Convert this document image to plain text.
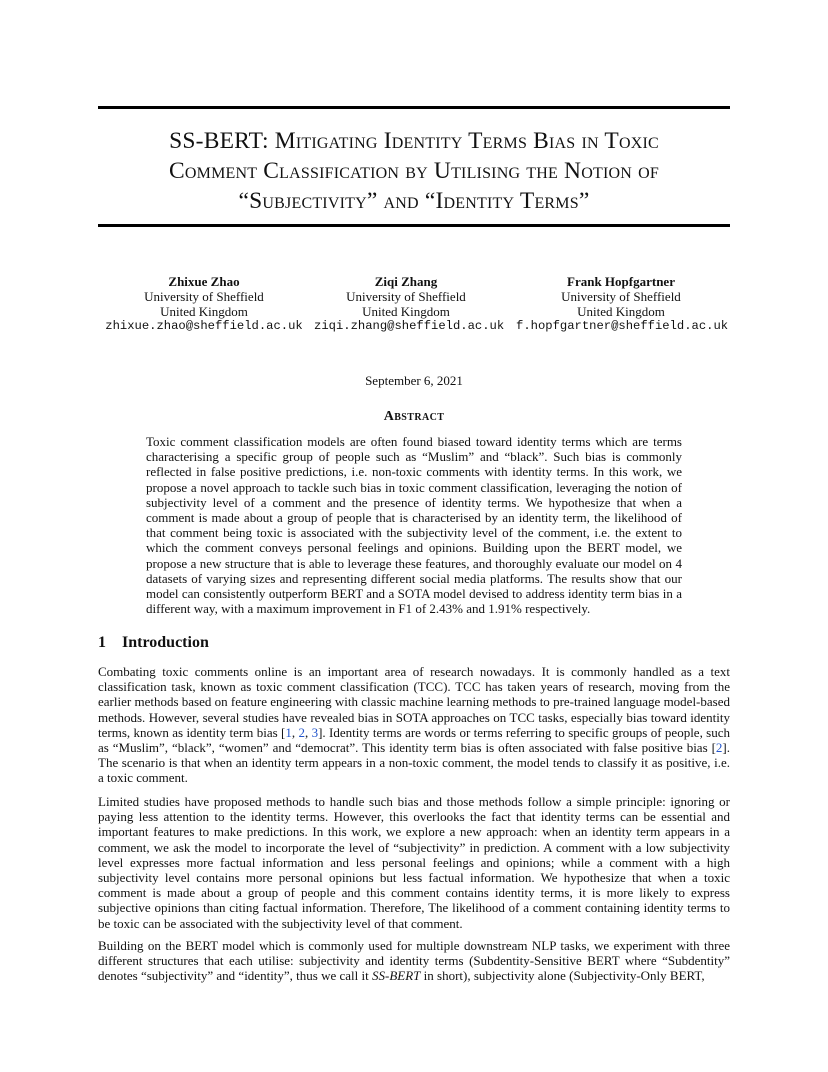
SS-BERT: Mitigating Identity Terms Bias in Toxic
Comment Classification by Utilising the Notion of
“Subjectivity” and “Identity Terms”
Zhixue Zhao
University of Sheffield
United Kingdom
zhixue.zhao@sheffield.ac.uk
Ziqi Zhang
University of Sheffield
United Kingdom
ziqi.zhang@sheffield.ac.uk
Frank Hopfgartner
University of Sheffield
United Kingdom
f.hopfgartner@sheffield.ac.uk
September 6, 2021
Abstract

Toxic comment classification models are often found biased toward identity terms which are terms characterising a specific group of people such as “Muslim” and “black”. Such bias is commonly reflected in false positive predictions, i.e. non-toxic comments with identity terms. In this work, we propose a novel approach to tackle such bias in toxic comment classification, leveraging the notion of subjectivity level of a comment and the presence of identity terms. We hypothesize that when a comment is made about a group of people that is characterised by an identity term, the likelihood of that comment being toxic is associated with the subjectivity level of the comment, i.e. the extent to which the comment conveys personal feelings and opinions. Building upon the BERT model, we propose a new structure that is able to leverage these features, and thoroughly evaluate our model on 4 datasets of varying sizes and representing different social media platforms. The results show that our model can consistently outperform BERT and a SOTA model devised to address identity term bias in a different way, with a maximum improvement in F1 of 2.43% and 1.91% respectively.

1 Introduction

Combating toxic comments online is an important area of research nowadays. It is commonly handled as a text classification task, known as toxic comment classification (TCC). TCC has taken years of research, moving from the earlier methods based on feature engineering with classic machine learning methods to pre-trained language model-based methods. However, several studies have revealed bias in SOTA approaches on TCC tasks, especially bias toward identity terms, known as identity term bias [1, 2, 3]. Identity terms are words or terms referring to specific groups of people, such as “Muslim”, “black”, “women” and “democrat”. This identity term bias is often associated with false positive bias [2]. The scenario is that when an identity term appears in a non-toxic comment, the model tends to classify it as positive, i.e. a toxic comment.

Limited studies have proposed methods to handle such bias and those methods follow a simple principle: ignoring or paying less attention to the identity terms. However, this overlooks the fact that identity terms can be essential and important features to make predictions. In this work, we explore a new approach: when an identity term appears in a comment, we ask the model to incorporate the level of “subjectivity” in prediction. A comment with a low subjectivity level expresses more factual information and less personal feelings and opinions; while a comment with a high subjectivity level contains more personal opinions but less factual information. We hypothesize that when a toxic comment is made about a group of people and this comment contains identity terms, it is more likely to express subjective opinions than citing factual information. Therefore, The likelihood of a comment containing identity terms to be toxic can be associated with the subjectivity level of that comment.

Building on the BERT model which is commonly used for multiple downstream NLP tasks, we experiment with three different structures that each utilise: subjectivity and identity terms (Subdentity-Sensitive BERT where “Subdentity” denotes “subjectivity” and “identity”, thus we call it SS-BERT in short), subjectivity alone (Subjectivity-Only BERT,
